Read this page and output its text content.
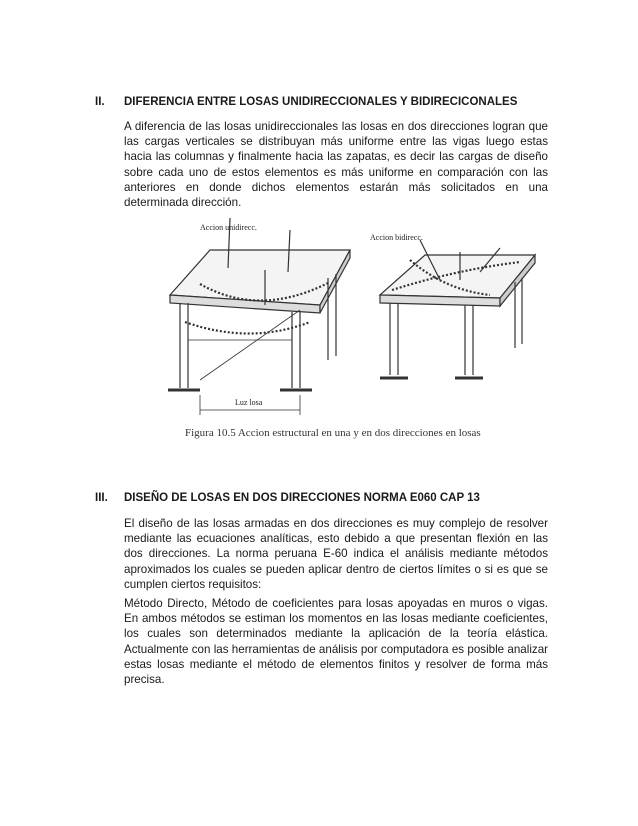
II. DIFERENCIA ENTRE LOSAS UNIDIRECCIONALES Y BIDIRECICONALES

A diferencia de las losas unidireccionales las losas en dos direcciones logran que las cargas verticales se distribuyan más uniforme entre las vigas luego estas hacia las columnas y finalmente hacia las zapatas, es decir las cargas de diseño sobre cada uno de estos elementos es más uniforme en comparación con las anteriores en donde dichos elementos estarán más solicitados en una determinada dirección.

Accion unidirecc.
Luz losa
Accion bidirecc.
Figura 10.5 Accion estructural en una y en dos direcciones en losas
III. DISEÑO DE LOSAS EN DOS DIRECCIONES NORMA E060 CAP 13

El diseño de las losas armadas en dos direcciones es muy complejo de resolver mediante las ecuaciones analíticas, esto debido a que presentan flexión en las dos direcciones. La norma peruana E-60 indica el análisis mediante métodos aproximados los cuales se pueden aplicar dentro de ciertos límites o si es que se cumplen ciertos requisitos:

Método Directo, Método de coeficientes para losas apoyadas en muros o vigas. En ambos métodos se estiman los momentos en las losas mediante coeficientes, los cuales son determinados mediante la aplicación de la teoría elástica. Actualmente con las herramientas de análisis por computadora es posible analizar estas losas mediante el método de elementos finitos y resolver de forma más precisa.
